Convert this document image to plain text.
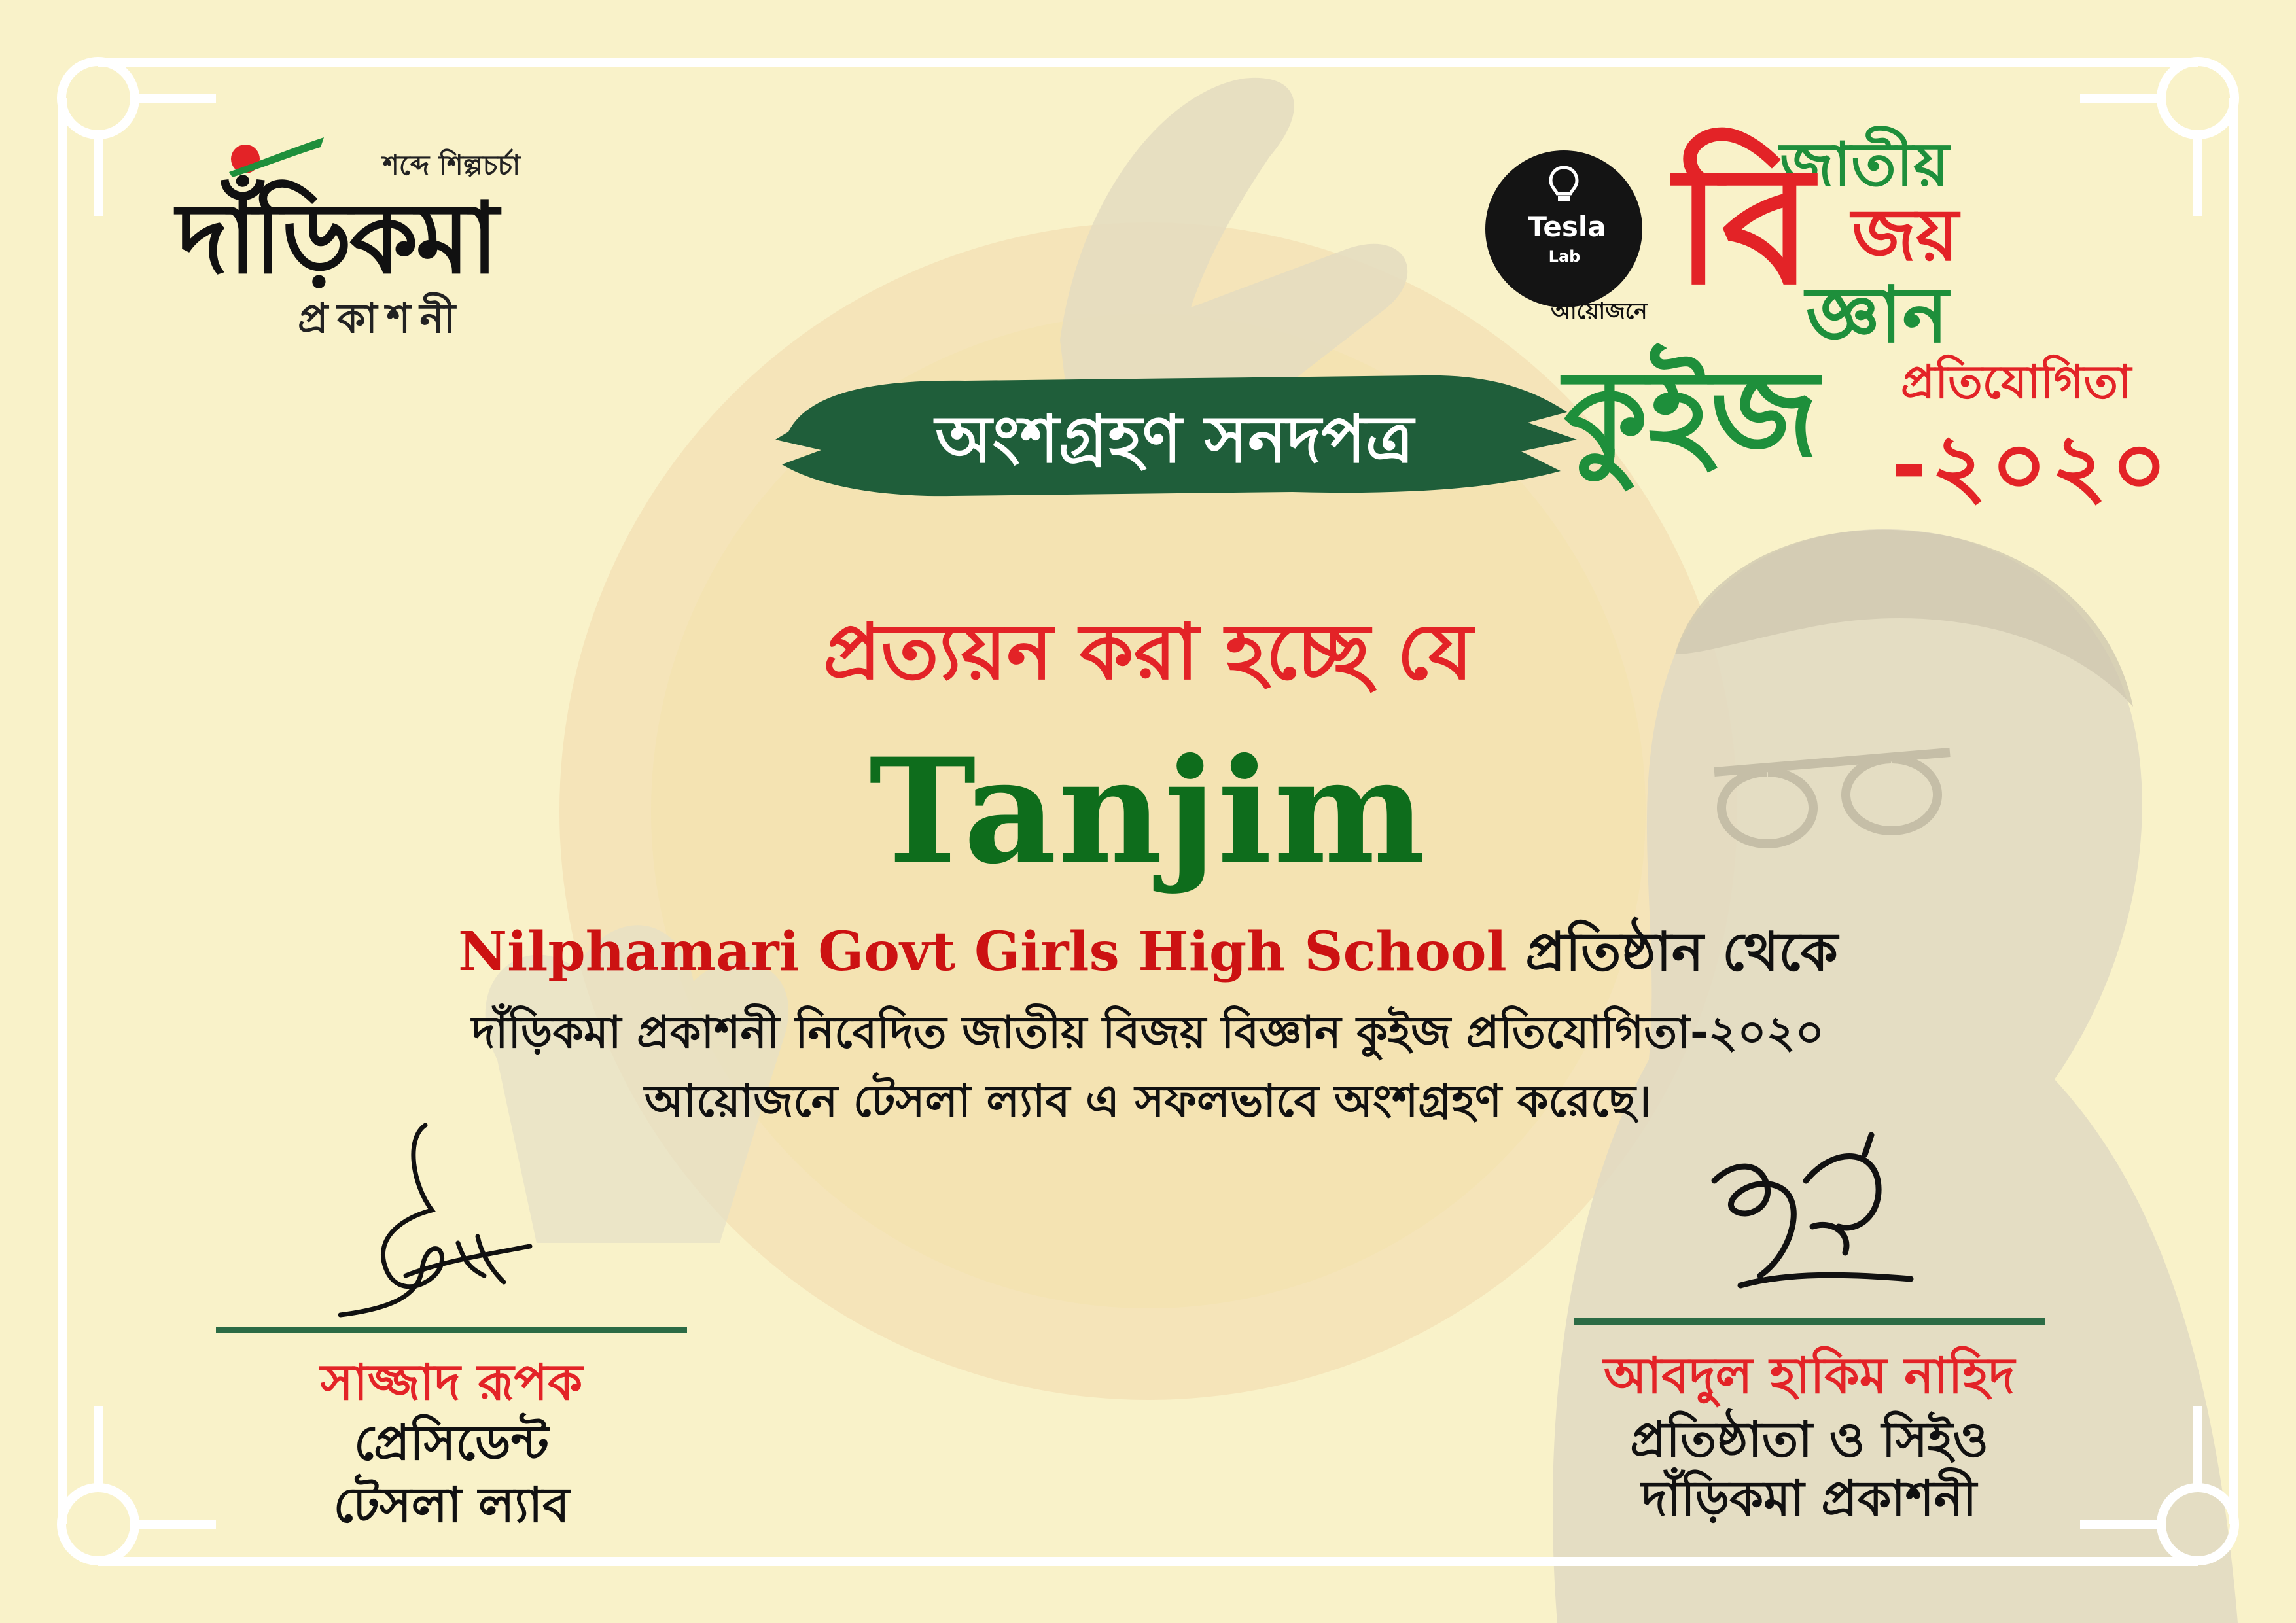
শব্দে শিল্পচর্চা
দাঁড়িকমা
প্রকাশনী
Tesla
Lab
আয়োজনে
জাতীয়
বি জয়
জ্ঞান
কুইজ প্রতিযোগিতা
-২০২০
অংশগ্রহণ সনদপত্র
প্রত্যয়ন করা হচ্ছে যে
Tanjim
Nilphamari Govt Girls High School প্রতিষ্ঠান থেকে
দাঁড়িকমা প্রকাশনী নিবেদিত জাতীয় বিজয় বিজ্ঞান কুইজ প্রতিযোগিতা-২০২০
আয়োজনে টেসলা ল্যাব এ সফলভাবে অংশগ্রহণ করেছে।
সাজ্জাদ রূপক
প্রেসিডেন্ট
টেসলা ল্যাব
আবদুল হাকিম নাহিদ
প্রতিষ্ঠাতা ও সিইও
দাঁড়িকমা প্রকাশনী
